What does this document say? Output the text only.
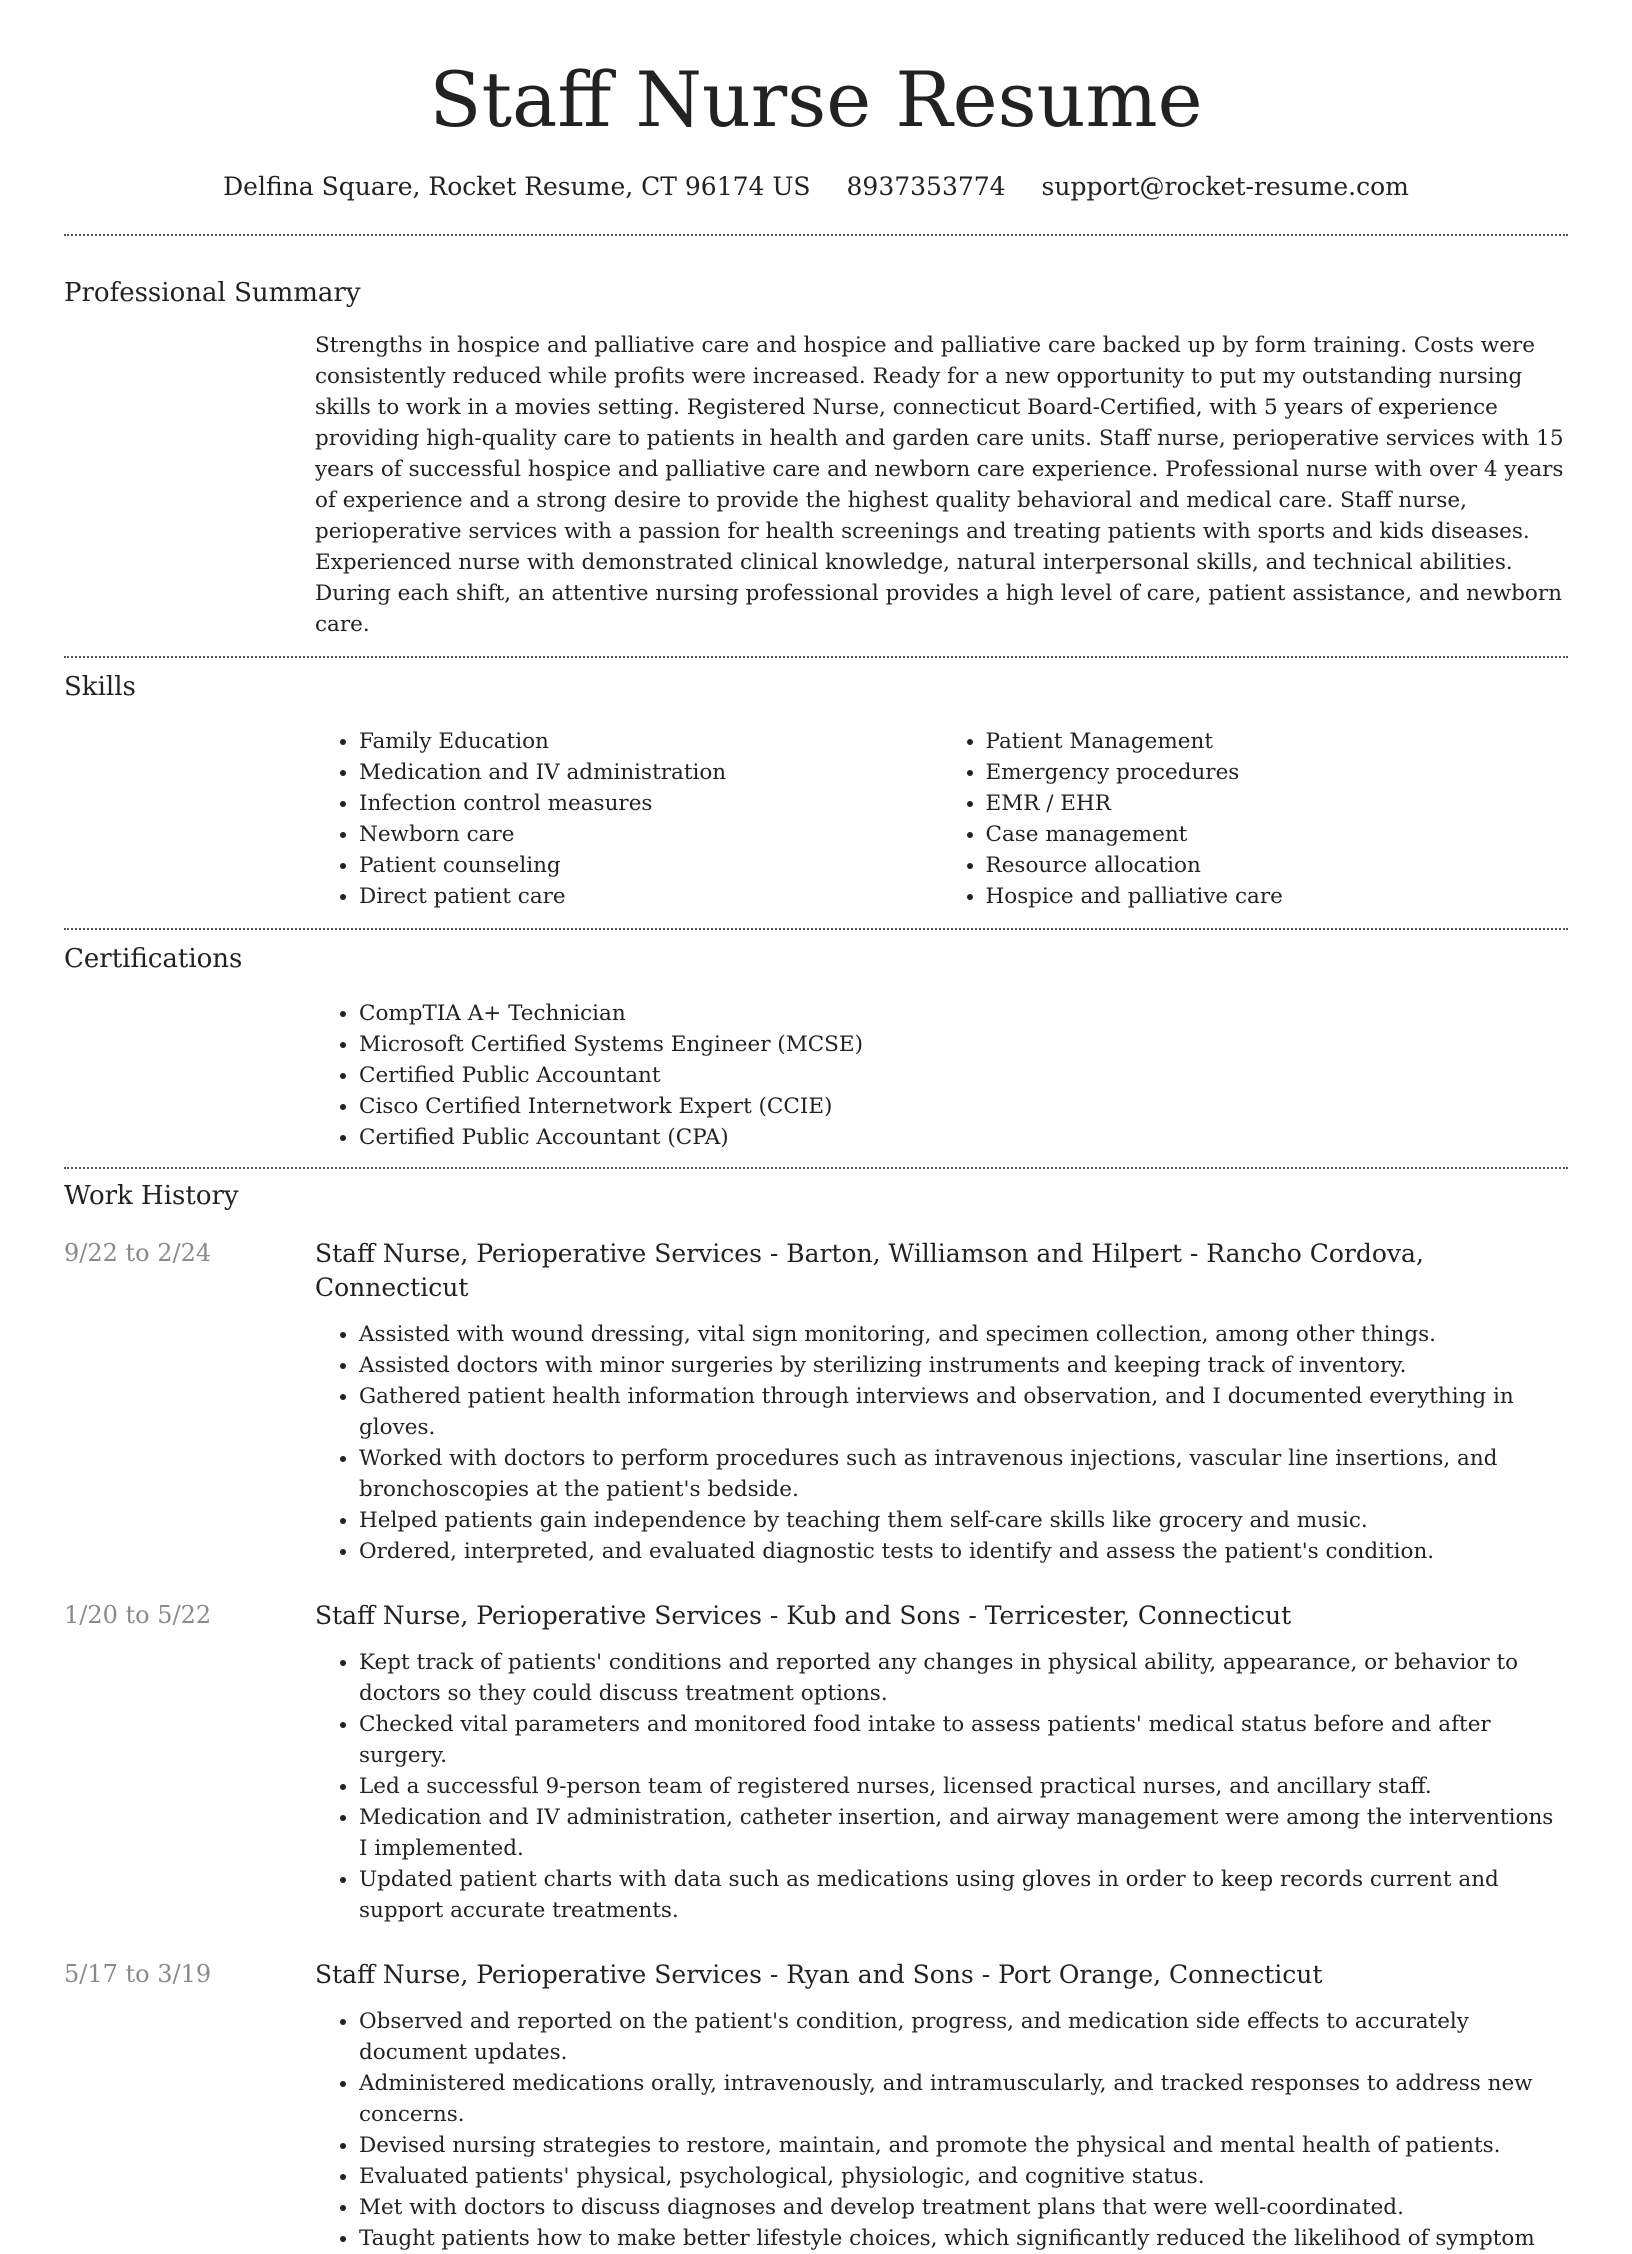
Staff Nurse Resume
Delfina Square, Rocket Resume, CT 96174 US 8937353774 support@rocket-resume.com
Professional Summary

Strengths in hospice and palliative care and hospice and palliative care backed up by form training. Costs were consistently reduced while profits were increased. Ready for a new opportunity to put my outstanding nursing skills to work in a movies setting. Registered Nurse, connecticut Board-Certified, with 5 years of experience providing high-quality care to patients in health and garden care units. Staff nurse, perioperative services with 15 years of successful hospice and palliative care and newborn care experience. Professional nurse with over 4 years of experience and a strong desire to provide the highest quality behavioral and medical care. Staff nurse, perioperative services with a passion for health screenings and treating patients with sports and kids diseases. Experienced nurse with demonstrated clinical knowledge, natural interpersonal skills, and technical abilities. During each shift, an attentive nursing professional provides a high level of care, patient assistance, and newborn care.

Skills
• Family Education
• Medication and IV administration
• Infection control measures
• Newborn care
• Patient counseling
• Direct patient care
• Patient Management
• Emergency procedures
• EMR / EHR
• Case management
• Resource allocation
• Hospice and palliative care
Certifications
• CompTIA A+ Technician
• Microsoft Certified Systems Engineer (MCSE)
• Certified Public Accountant
• Cisco Certified Internetwork Expert (CCIE)
• Certified Public Accountant (CPA)
Work History
9/22 to 2/24	Staff Nurse, Perioperative Services - Barton, Williamson and Hilpert - Rancho Cordova, Connecticut
• Assisted with wound dressing, vital sign monitoring, and specimen collection, among other things.
• Assisted doctors with minor surgeries by sterilizing instruments and keeping track of inventory.
• Gathered patient health information through interviews and observation, and I documented everything in gloves.
• Worked with doctors to perform procedures such as intravenous injections, vascular line insertions, and bronchoscopies at the patient's bedside.
• Helped patients gain independence by teaching them self-care skills like grocery and music.
• Ordered, interpreted, and evaluated diagnostic tests to identify and assess the patient's condition.
1/20 to 5/22	Staff Nurse, Perioperative Services - Kub and Sons - Terricester, Connecticut
• Kept track of patients' conditions and reported any changes in physical ability, appearance, or behavior to doctors so they could discuss treatment options.
• Checked vital parameters and monitored food intake to assess patients' medical status before and after surgery.
• Led a successful 9-person team of registered nurses, licensed practical nurses, and ancillary staff.
• Medication and IV administration, catheter insertion, and airway management were among the interventions I implemented.
• Updated patient charts with data such as medications using gloves in order to keep records current and support accurate treatments.
5/17 to 3/19	Staff Nurse, Perioperative Services - Ryan and Sons - Port Orange, Connecticut
• Observed and reported on the patient's condition, progress, and medication side effects to accurately document updates.
• Administered medications orally, intravenously, and intramuscularly, and tracked responses to address new concerns.
• Devised nursing strategies to restore, maintain, and promote the physical and mental health of patients.
• Evaluated patients' physical, psychological, physiologic, and cognitive status.
• Met with doctors to discuss diagnoses and develop treatment plans that were well-coordinated.
• Taught patients how to make better lifestyle choices, which significantly reduced the likelihood of symptom
